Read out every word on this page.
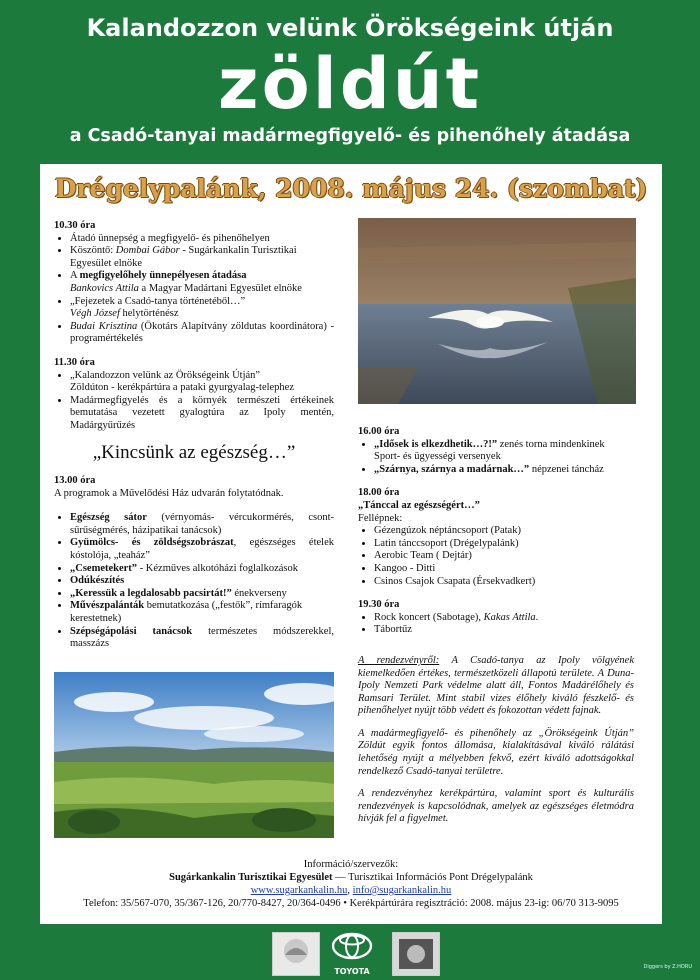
Kalandozzon velünk Örökségeink útján
zöldút
a Csadó-tanyai madármegfigyelő- és pihenőhely átadása
Drégelypalánk, 2008. május 24. (szombat)
10.30 óra
• Átadó ünnepség a megfigyelő- és pihenőhelyen
• Köszöntő: Dombai Gábor - Sugárkankalin Turisztikai Egyesület elnöke
• A megfigyelőhely ünnepélyesen átadása
Bankovics Attila a Magyar Madártani Egyesület elnöke
• „Fejezetek a Csadó-tanya történetéből…”
Végh József helytörténész
• Budai Krisztina (Ökotárs Alapítvány zöldutas koordinátora) - programértékelés
11.30 óra
• „Kalandozzon velünk az Örökségeink Útján”
Zöldúton - kerékpártúra a pataki gyurgyalag-telephez
• Madármegfigyelés és a környék természeti értékeinek bemutatása vezetett gyalogtúra az Ipoly mentén, Madárgyűrűzés
„Kincsünk az egészség…”
13.00 óra
A programok a Művelődési Ház udvarán folytatódnak.
• Egészség sátor (vérnyomás- vércukormérés, csont-sűrűségmérés, házipatikai tanácsok)
• Gyümölcs- és zöldségszobrászat, egészséges ételek kóstolója, „teaház”
• „Csemetekert” - Kézműves alkotóházi foglalkozások
• Odúkészítés
• „Keressük a legdalosabb pacsirtát!” énekverseny
• Művészpalánták bemutatkozása („festők”, rímfaragók kerestetnek)
• Szépségápolási tanácsok természetes módszerekkel, masszázs
16.00 óra
• „Idősek is elkezdhetik…?!” zenés torna mindenkinek
Sport- és ügyességi versenyek
• „Szárnya, szárnya a madárnak…” népzenei táncház
18.00 óra
„Tánccal az egészségért…”
Fellépnek:
• Gézengúzok néptáncsoport (Patak)
• Latin tánccsoport (Drégelypalánk)
• Aerobic Team ( Dejtár)
• Kangoo - Ditti
• Csinos Csajok Csapata (Érsekvadkert)
19.30 óra
• Rock koncert (Sabotage), Kakas Attila.
• Tábortűz
A rendezvényről: A Csadó-tanya az Ipoly völgyének kiemelkedően értékes, természetközeli állapotú területe. A Duna-Ipoly Nemzeti Park védelme alatt áll, Fontos Madárélőhely és Ramsari Terület. Mint stabil vizes élőhely kiváló fészkelő- és pihenőhelyet nyújt több védett és fokozottan védett fajnak.
A madármegfigyelő- és pihenőhely az „Örökségeink Útján” Zöldút egyik fontos állomása, kialakításával kiváló rálátási lehetőség nyújt a mélyebben fekvő, ezért kiváló adottságokkal rendelkező Csadó-tanyai területre.
A rendezvényhez kerékpártúra, valamint sport és kulturális rendezvények is kapcsolódnak, amelyek az egészséges életmódra hívják fel a figyelmet.
Információ/szervezők:
Sugárkankalin Turisztikai Egyesület — Turisztikai Információs Pont Drégelypalánk
www.sugarkankalin.hu, info@sugarkankalin.hu
Telefon: 35/567-070, 35/367-126, 20/770-8427, 20/364-0496 • Kerékpártúrára regisztráció: 2008. május 23-ig: 06/70 313-9095
TOYOTA	Diggers by Z.HORU
